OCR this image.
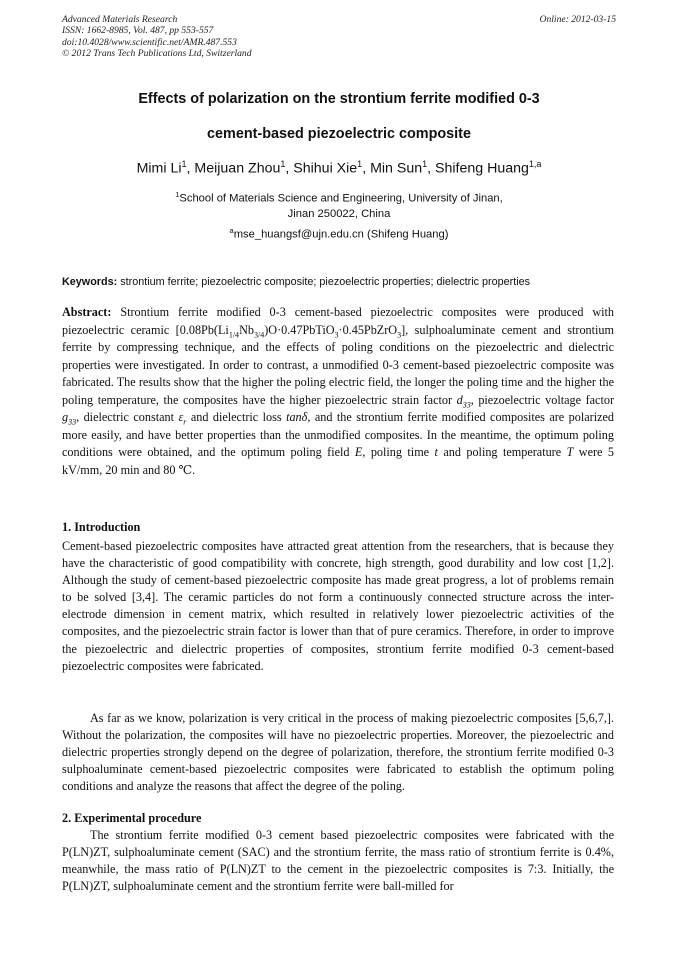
Advanced Materials Research
ISSN: 1662-8985, Vol. 487, pp 553-557
doi:10.4028/www.scientific.net/AMR.487.553
© 2012 Trans Tech Publications Ltd, Switzerland
Online: 2012-03-15
Effects of polarization on the strontium ferrite modified 0-3
cement-based piezoelectric composite
Mimi Li$^1$, Meijuan Zhou$^1$, Shihui Xie$^1$, Min Sun$^1$, Shifeng Huang$^{1,a}$
$^1$School of Materials Science and Engineering, University of Jinan,
Jinan 250022, China
$^a$mse_huangsf@ujn.edu.cn (Shifeng Huang)
Keywords: strontium ferrite; piezoelectric composite; piezoelectric properties; dielectric properties
Abstract: Strontium ferrite modified 0-3 cement-based piezoelectric composites were produced with piezoelectric ceramic $[0.08Pb(Li_{1/4}Nb_{3/4})O\cdot 0.47PbTiO_3\cdot 0.45PbZrO_3]$, sulphoaluminate cement and strontium ferrite by compressing technique, and the effects of poling conditions on the piezoelectric and dielectric properties were investigated. In order to contrast, a unmodified 0-3 cement-based piezoelectric composite was fabricated. The results show that the higher the poling electric field, the longer the poling time and the higher the poling temperature, the composites have the higher piezoelectric strain factor $d_{33}$, piezoelectric voltage factor $g_{33}$, dielectric constant $\varepsilon_r$ and dielectric loss tanδ, and the strontium ferrite modified composites are polarized more easily, and have better properties than the unmodified composites. In the meantime, the optimum poling conditions were obtained, and the optimum poling field E, poling time t and poling temperature T were 5 kV/mm, 20 min and 80 ℃.
1. Introduction
Cement-based piezoelectric composites have attracted great attention from the researchers, that is because they have the characteristic of good compatibility with concrete, high strength, good durability and low cost [1,2]. Although the study of cement-based piezoelectric composite has made great progress, a lot of problems remain to be solved [3,4]. The ceramic particles do not form a continuously connected structure across the inter-electrode dimension in cement matrix, which resulted in relatively lower piezoelectric activities of the composites, and the piezoelectric strain factor is lower than that of pure ceramics. Therefore, in order to improve the piezoelectric and dielectric properties of composites, strontium ferrite modified 0-3 cement-based piezoelectric composites were fabricated.
As far as we know, polarization is very critical in the process of making piezoelectric composites [5,6,7,]. Without the polarization, the composites will have no piezoelectric properties. Moreover, the piezoelectric and dielectric properties strongly depend on the degree of polarization, therefore, the strontium ferrite modified 0-3 sulphoaluminate cement-based piezoelectric composites were fabricated to establish the optimum poling conditions and analyze the reasons that affect the degree of the poling.
2. Experimental procedure
The strontium ferrite modified 0-3 cement based piezoelectric composites were fabricated with the P(LN)ZT, sulphoaluminate cement (SAC) and the strontium ferrite, the mass ratio of strontium ferrite is 0.4%, meanwhile, the mass ratio of P(LN)ZT to the cement in the piezoelectric composites is 7:3. Initially, the P(LN)ZT, sulphoaluminate cement and the strontium ferrite were ball-milled for
